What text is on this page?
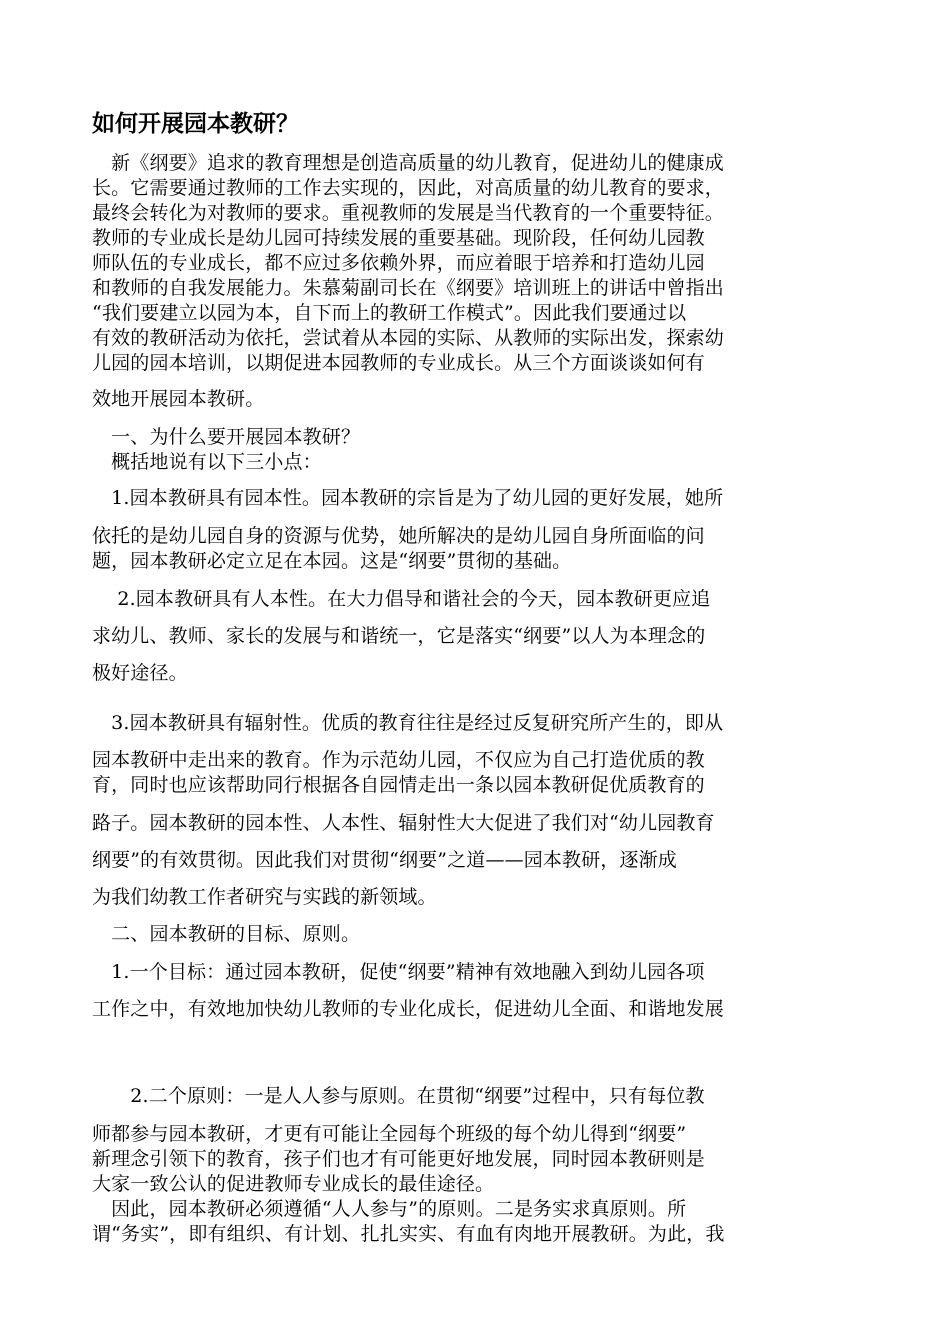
如何开展园本教研？
　新《纲要》追求的教育理想是创造高质量的幼儿教育，促进幼儿的健康成
长。它需要通过教师的工作去实现的，因此，对高质量的幼儿教育的要求，
最终会转化为对教师的要求。重视教师的发展是当代教育的一个重要特征。
教师的专业成长是幼儿园可持续发展的重要基础。现阶段，任何幼儿园教
师队伍的专业成长，都不应过多依赖外界，而应着眼于培养和打造幼儿园
和教师的自我发展能力。朱慕菊副司长在《纲要》培训班上的讲话中曾指出
“我们要建立以园为本，自下而上的教研工作模式”。因此我们要通过以
有效的教研活动为依托，尝试着从本园的实际、从教师的实际出发，探索幼
儿园的园本培训，以期促进本园教师的专业成长。从三个方面谈谈如何有
效地开展园本教研。
　一、为什么要开展园本教研？
　概括地说有以下三小点：
　1.园本教研具有园本性。园本教研的宗旨是为了幼儿园的更好发展，她所
依托的是幼儿园自身的资源与优势，她所解决的是幼儿园自身所面临的问
题，园本教研必定立足在本园。这是“纲要”贯彻的基础。
　 2.园本教研具有人本性。在大力倡导和谐社会的今天，园本教研更应追
求幼儿、教师、家长的发展与和谐统一，它是落实“纲要”以人为本理念的
极好途径。
　3.园本教研具有辐射性。优质的教育往往是经过反复研究所产生的，即从
园本教研中走出来的教育。作为示范幼儿园，不仅应为自己打造优质的教
育，同时也应该帮助同行根据各自园情走出一条以园本教研促优质教育的
路子。园本教研的园本性、人本性、辐射性大大促进了我们对“幼儿园教育
纲要”的有效贯彻。因此我们对贯彻“纲要”之道——园本教研，逐渐成
为我们幼教工作者研究与实践的新领域。
　二、园本教研的目标、原则。
　1.一个目标：通过园本教研，促使“纲要”精神有效地融入到幼儿园各项
工作之中，有效地加快幼儿教师的专业化成长，促进幼儿全面、和谐地发展
　　2.二个原则：一是人人参与原则。在贯彻“纲要”过程中，只有每位教
师都参与园本教研，才更有可能让全园每个班级的每个幼儿得到“纲要”
新理念引领下的教育，孩子们也才有可能更好地发展，同时园本教研则是
大家一致公认的促进教师专业成长的最佳途径。
　因此，园本教研必须遵循“人人参与”的原则。二是务实求真原则。所
谓“务实”，即有组织、有计划、扎扎实实、有血有肉地开展教研。为此，我
